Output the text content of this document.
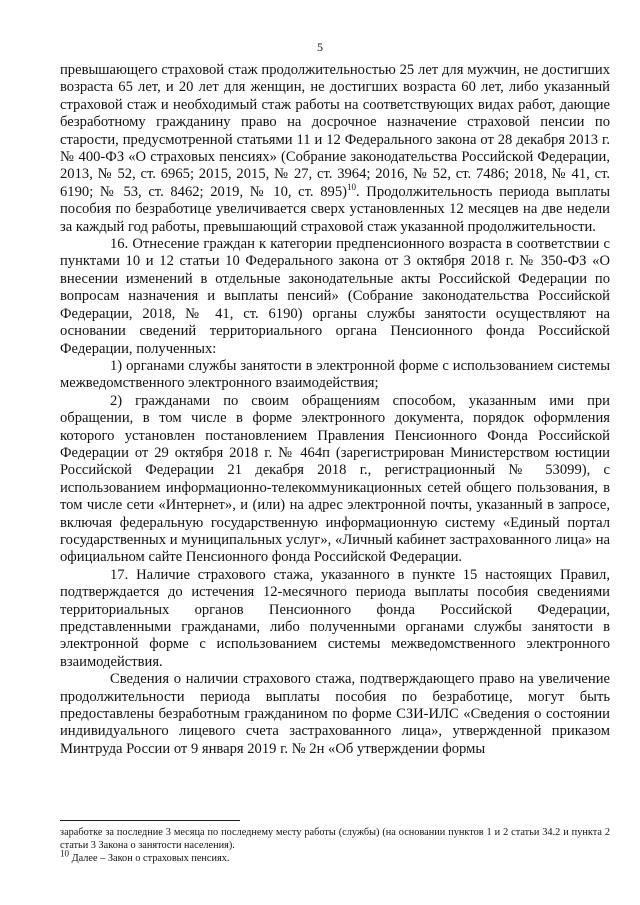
5

превышающего страховой стаж продолжительностью 25 лет для мужчин, не достигших возраста 65 лет, и 20 лет для женщин, не достигших возраста 60 лет, либо указанный страховой стаж и необходимый стаж работы на соответствующих видах работ, дающие безработному гражданину право на досрочное назначение страховой пенсии по старости, предусмотренной статьями 11 и 12 Федерального закона от 28 декабря 2013 г. № 400-ФЗ «О страховых пенсиях» (Собрание законодательства Российской Федерации, 2013, № 52, ст. 6965; 2015, 2015, № 27, ст. 3964; 2016, № 52, ст. 7486; 2018, № 41, ст. 6190; № 53, ст. 8462; 2019, № 10, ст. 895)$^{10}$. Продолжительность периода выплаты пособия по безработице увеличивается сверх установленных 12 месяцев на две недели за каждый год работы, превышающий страховой стаж указанной продолжительности.

16. Отнесение граждан к категории предпенсионного возраста в соответствии с пунктами 10 и 12 статьи 10 Федерального закона от 3 октября 2018 г. № 350-ФЗ «О внесении изменений в отдельные законодательные акты Российской Федерации по вопросам назначения и выплаты пенсий» (Собрание законодательства Российской Федерации, 2018, № 41, ст. 6190) органы службы занятости осуществляют на основании сведений территориального органа Пенсионного фонда Российской Федерации, полученных:

1) органами службы занятости в электронной форме с использованием системы межведомственного электронного взаимодействия;

2) гражданами по своим обращениям способом, указанным ими при обращении, в том числе в форме электронного документа, порядок оформления которого установлен постановлением Правления Пенсионного Фонда Российской Федерации от 29 октября 2018 г. № 464п (зарегистрирован Министерством юстиции Российской Федерации 21 декабря 2018 г., регистрационный № 53099), с использованием информационно-телекоммуникационных сетей общего пользования, в том числе сети «Интернет», и (или) на адрес электронной почты, указанный в запросе, включая федеральную государственную информационную систему «Единый портал государственных и муниципальных услуг», «Личный кабинет застрахованного лица» на официальном сайте Пенсионного фонда Российской Федерации.

17. Наличие страхового стажа, указанного в пункте 15 настоящих Правил, подтверждается до истечения 12-месячного периода выплаты пособия сведениями территориальных органов Пенсионного фонда Российской Федерации, представленными гражданами, либо полученными органами службы занятости в электронной форме с использованием системы межведомственного электронного взаимодействия.

Сведения о наличии страхового стажа, подтверждающего право на увеличение продолжительности периода выплаты пособия по безработице, могут быть предоставлены безработным гражданином по форме СЗИ-ИЛС «Сведения о состоянии индивидуального лицевого счета застрахованного лица», утвержденной приказом Минтруда России от 9 января 2019 г. № 2н «Об утверждении формы

заработке за последние 3 месяца по последнему месту работы (службы) (на основании пунктов 1 и 2 статьи 34.2 и пункта 2 статьи 3 Закона о занятости населения).

$^{10}$ Далее – Закон о страховых пенсиях.
